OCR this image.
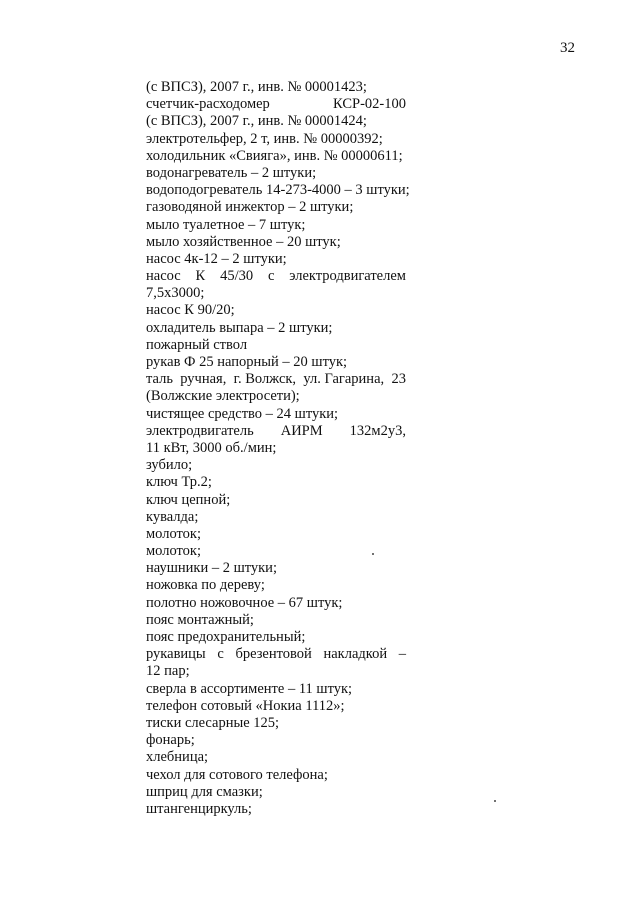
32
(с ВПСЗ), 2007 г., инв. № 00001423;
счетчик-расходомер	КСР-02-100
(с ВПСЗ), 2007 г., инв. № 00001424;
электротельфер, 2 т, инв. № 00000392;
холодильник «Свияга», инв. № 00000611;
водонагреватель – 2 штуки;
водоподогреватель 14-273-4000 – 3 штуки;
газоводяной инжектор – 2 штуки;
мыло туалетное – 7 штук;
мыло хозяйственное – 20 штук;
насос 4к-12 – 2 штуки;
насос К 45/30 с электродвигателем
7,5х3000;
насос К 90/20;
охладитель выпара – 2 штуки;
пожарный ствол
рукав Ф 25 напорный – 20 штук;
таль ручная, г. Волжск, ул. Гагарина, 23
(Волжские электросети);
чистящее средство – 24 штуки;
электродвигатель АИРМ 132м2у3,
11 кВт, 3000 об./мин;
зубило;
ключ Тр.2;
ключ цепной;
кувалда;
молоток;
молоток;
наушники – 2 штуки;
ножовка по дереву;
полотно ножовочное – 67 штук;
пояс монтажный;
пояс предохранительный;
рукавицы с брезентовой накладкой –
12 пар;
сверла в ассортименте – 11 штук;
телефон сотовый «Нокиа 1112»;
тиски слесарные 125;
фонарь;
хлебница;
чехол для сотового телефона;
шприц для смазки;
штангенциркуль;
